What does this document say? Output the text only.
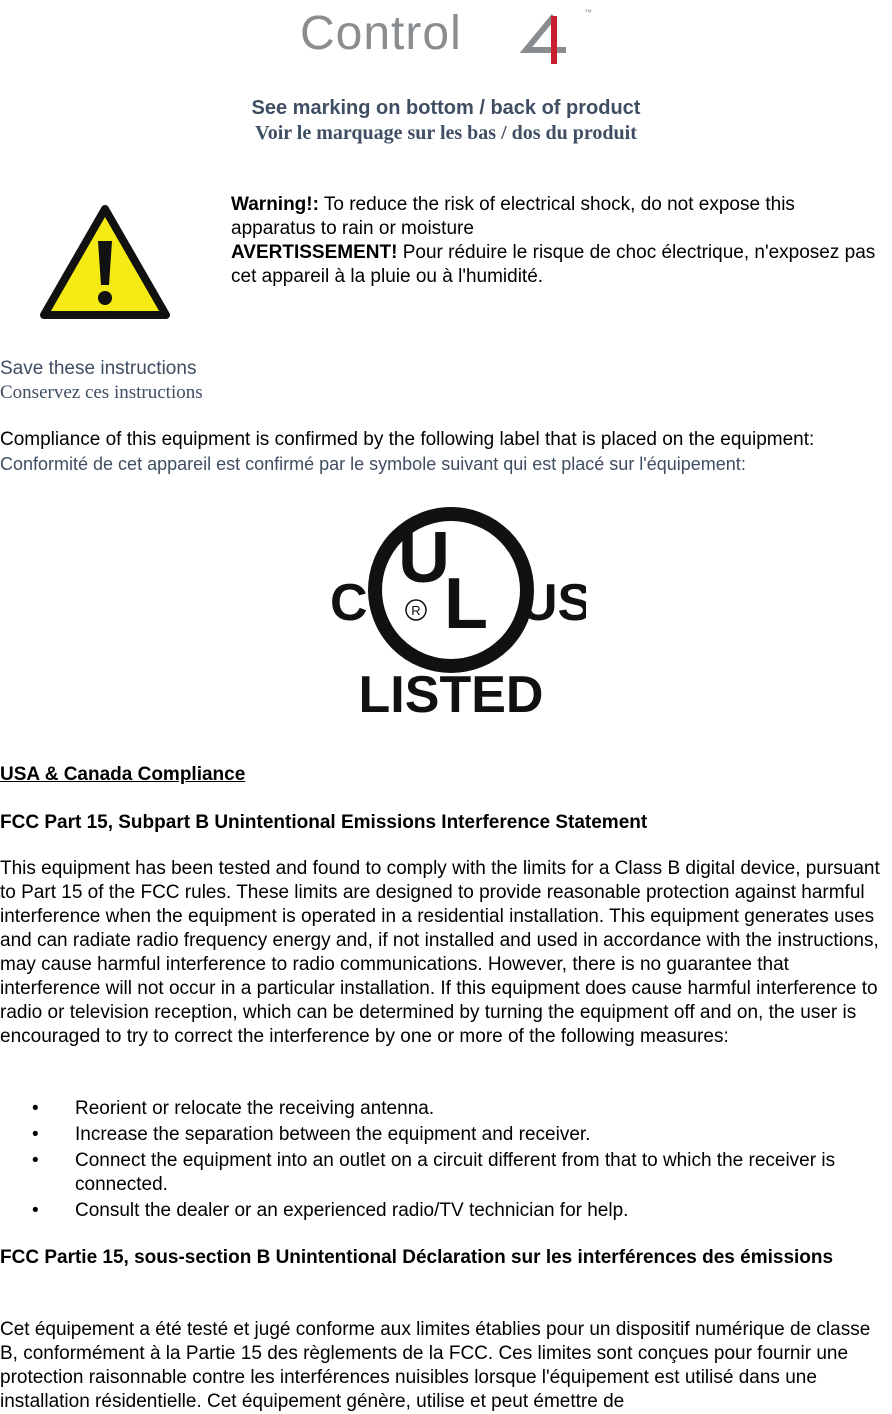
Control	™
See marking on bottom / back of product
Voir le marquage sur les bas / dos du produit
Warning!: To reduce the risk of electrical shock, do not expose this apparatus to rain or moisture
AVERTISSEMENT! Pour réduire le risque de choc électrique, n'exposez pas cet appareil à la pluie ou à l'humidité.
Save these instructions
Conservez ces instructions
Compliance of this equipment is confirmed by the following label that is placed on the equipment:
Conformité de cet appareil est confirmé par le symbole suivant qui est placé sur l'équipement:
C
U
L
R US
LISTED
USA & Canada Compliance
FCC Part 15, Subpart B Unintentional Emissions Interference Statement
This equipment has been tested and found to comply with the limits for a Class B digital device, pursuant to Part 15 of the FCC rules. These limits are designed to provide reasonable protection against harmful interference when the equipment is operated in a residential installation. This equipment generates uses and can radiate radio frequency energy and, if not installed and used in accordance with the instructions, may cause harmful interference to radio communications. However, there is no guarantee that interference will not occur in a particular installation. If this equipment does cause harmful interference to radio or television reception, which can be determined by turning the equipment off and on, the user is encouraged to try to correct the interference by one or more of the following measures:
• Reorient or relocate the receiving antenna.
• Increase the separation between the equipment and receiver.
• Connect the equipment into an outlet on a circuit different from that to which the receiver is connected.
• Consult the dealer or an experienced radio/TV technician for help.
FCC Partie 15, sous-section B Unintentional Déclaration sur les interférences des émissions
Cet équipement a été testé et jugé conforme aux limites établies pour un dispositif numérique de classe B, conformément à la Partie 15 des règlements de la FCC. Ces limites sont conçues pour fournir une protection raisonnable contre les interférences nuisibles lorsque l'équipement est utilisé dans une installation résidentielle. Cet équipement génère, utilise et peut émettre de
